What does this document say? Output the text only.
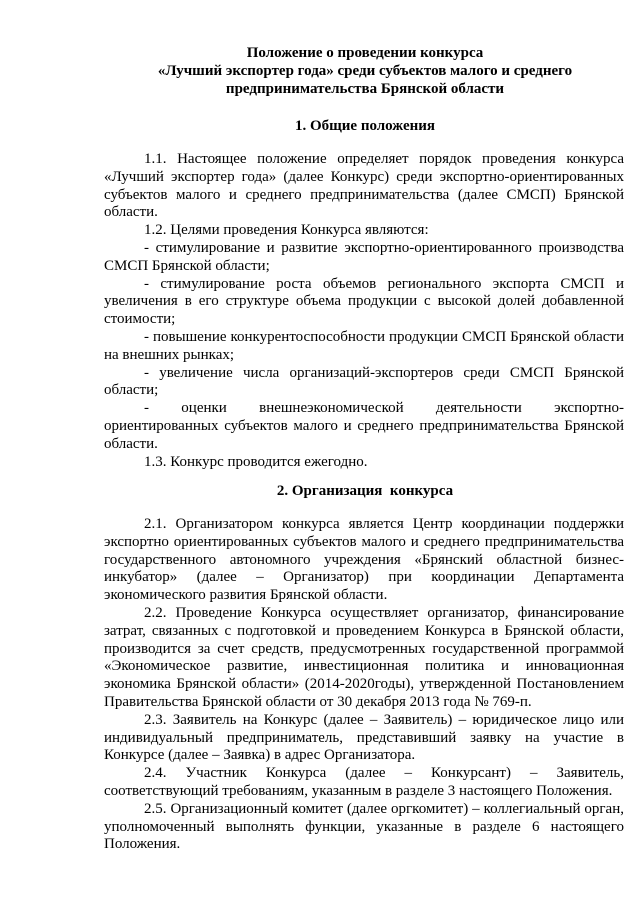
Положение о проведении конкурса
«Лучший экспортер года» среди субъектов малого и среднего
предпринимательства Брянской области
1. Общие положения

1.1. Настоящее положение определяет порядок проведения конкурса «Лучший экспортер года» (далее Конкурс) среди экспортно-ориентированных субъектов малого и среднего предпринимательства (далее СМСП) Брянской области.

1.2. Целями проведения Конкурса являются:

- стимулирование и развитие экспортно-ориентированного производства СМСП Брянской области;

- стимулирование роста объемов регионального экспорта СМСП и увеличения в его структуре объема продукции с высокой долей добавленной стоимости;

- повышение конкурентоспособности продукции СМСП Брянской области на внешних рынках;

- увеличение числа организаций-экспортеров среди СМСП Брянской области;

- оценки внешнеэкономической деятельности экспортно-ориентированных субъектов малого и среднего предпринимательства Брянской области.

1.3. Конкурс проводится ежегодно.

2. Организация  конкурса

2.1. Организатором конкурса является Центр координации поддержки экспортно ориентированных субъектов малого и среднего предпринимательства государственного автономного учреждения «Брянский областной бизнес-инкубатор» (далее – Организатор) при координации Департамента экономического развития Брянской области.

2.2. Проведение Конкурса осуществляет организатор, финансирование затрат, связанных с подготовкой и проведением Конкурса в Брянской области, производится за счет средств, предусмотренных государственной программой «Экономическое развитие, инвестиционная политика и инновационная экономика Брянской области» (2014-2020годы), утвержденной Постановлением Правительства Брянской области от 30 декабря 2013 года № 769-п.

2.3. Заявитель на Конкурс (далее – Заявитель) – юридическое лицо или индивидуальный предприниматель, представивший заявку на участие в Конкурсе (далее – Заявка) в адрес Организатора.

2.4. Участник Конкурса (далее – Конкурсант) – Заявитель, соответствующий требованиям, указанным в разделе 3 настоящего Положения.

2.5. Организационный комитет (далее оргкомитет) – коллегиальный орган, уполномоченный выполнять функции, указанные в разделе 6 настоящего Положения.
